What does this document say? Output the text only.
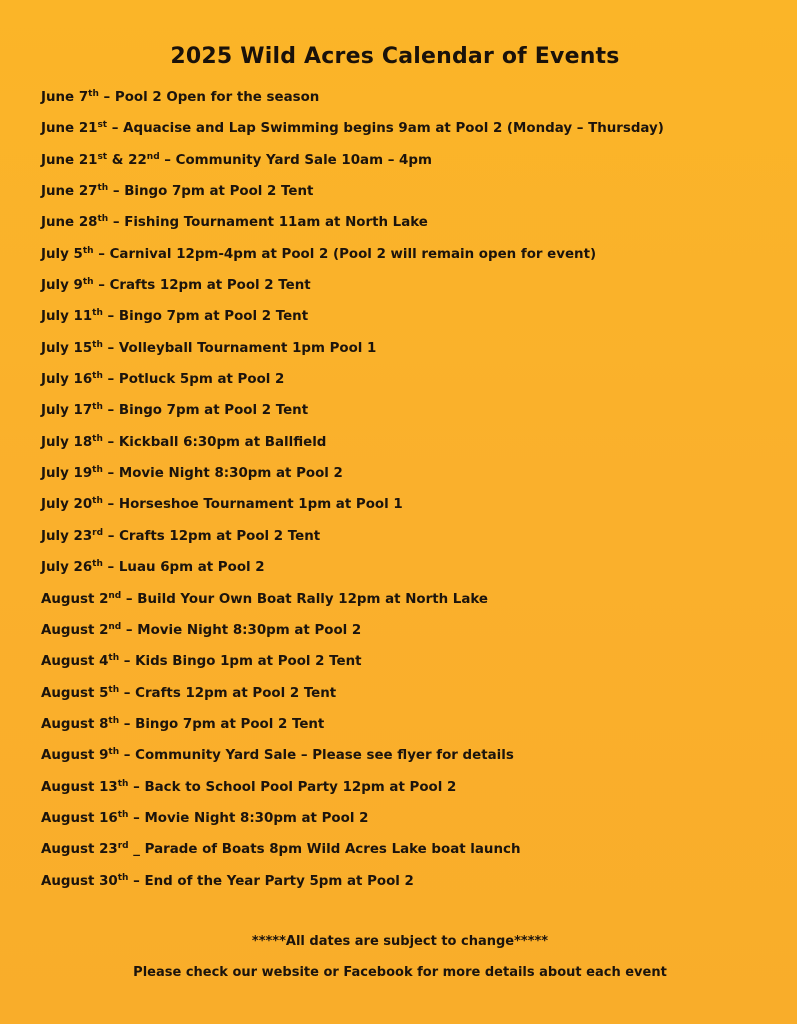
2025 Wild Acres Calendar of Events
June 7th – Pool 2 Open for the season
June 21st – Aquacise and Lap Swimming begins 9am at Pool 2 (Monday – Thursday)
June 21st & 22nd – Community Yard Sale 10am – 4pm
June 27th – Bingo 7pm at Pool 2 Tent
June 28th – Fishing Tournament 11am at North Lake
July 5th – Carnival 12pm-4pm at Pool 2 (Pool 2 will remain open for event)
July 9th – Crafts 12pm at Pool 2 Tent
July 11th – Bingo 7pm at Pool 2 Tent
July 15th – Volleyball Tournament 1pm Pool 1
July 16th – Potluck 5pm at Pool 2
July 17th – Bingo 7pm at Pool 2 Tent
July 18th – Kickball 6:30pm at Ballfield
July 19th – Movie Night 8:30pm at Pool 2
July 20th – Horseshoe Tournament 1pm at Pool 1
July 23rd – Crafts 12pm at Pool 2 Tent
July 26th – Luau 6pm at Pool 2
August 2nd – Build Your Own Boat Rally 12pm at North Lake
August 2nd – Movie Night 8:30pm at Pool 2
August 4th – Kids Bingo 1pm at Pool 2 Tent
August 5th – Crafts 12pm at Pool 2 Tent
August 8th – Bingo 7pm at Pool 2 Tent
August 9th – Community Yard Sale – Please see flyer for details
August 13th – Back to School Pool Party 12pm at Pool 2
August 16th – Movie Night 8:30pm at Pool 2
August 23rd _ Parade of Boats 8pm Wild Acres Lake boat launch
August 30th – End of the Year Party 5pm at Pool 2
*****All dates are subject to change*****
Please check our website or Facebook for more details about each event
